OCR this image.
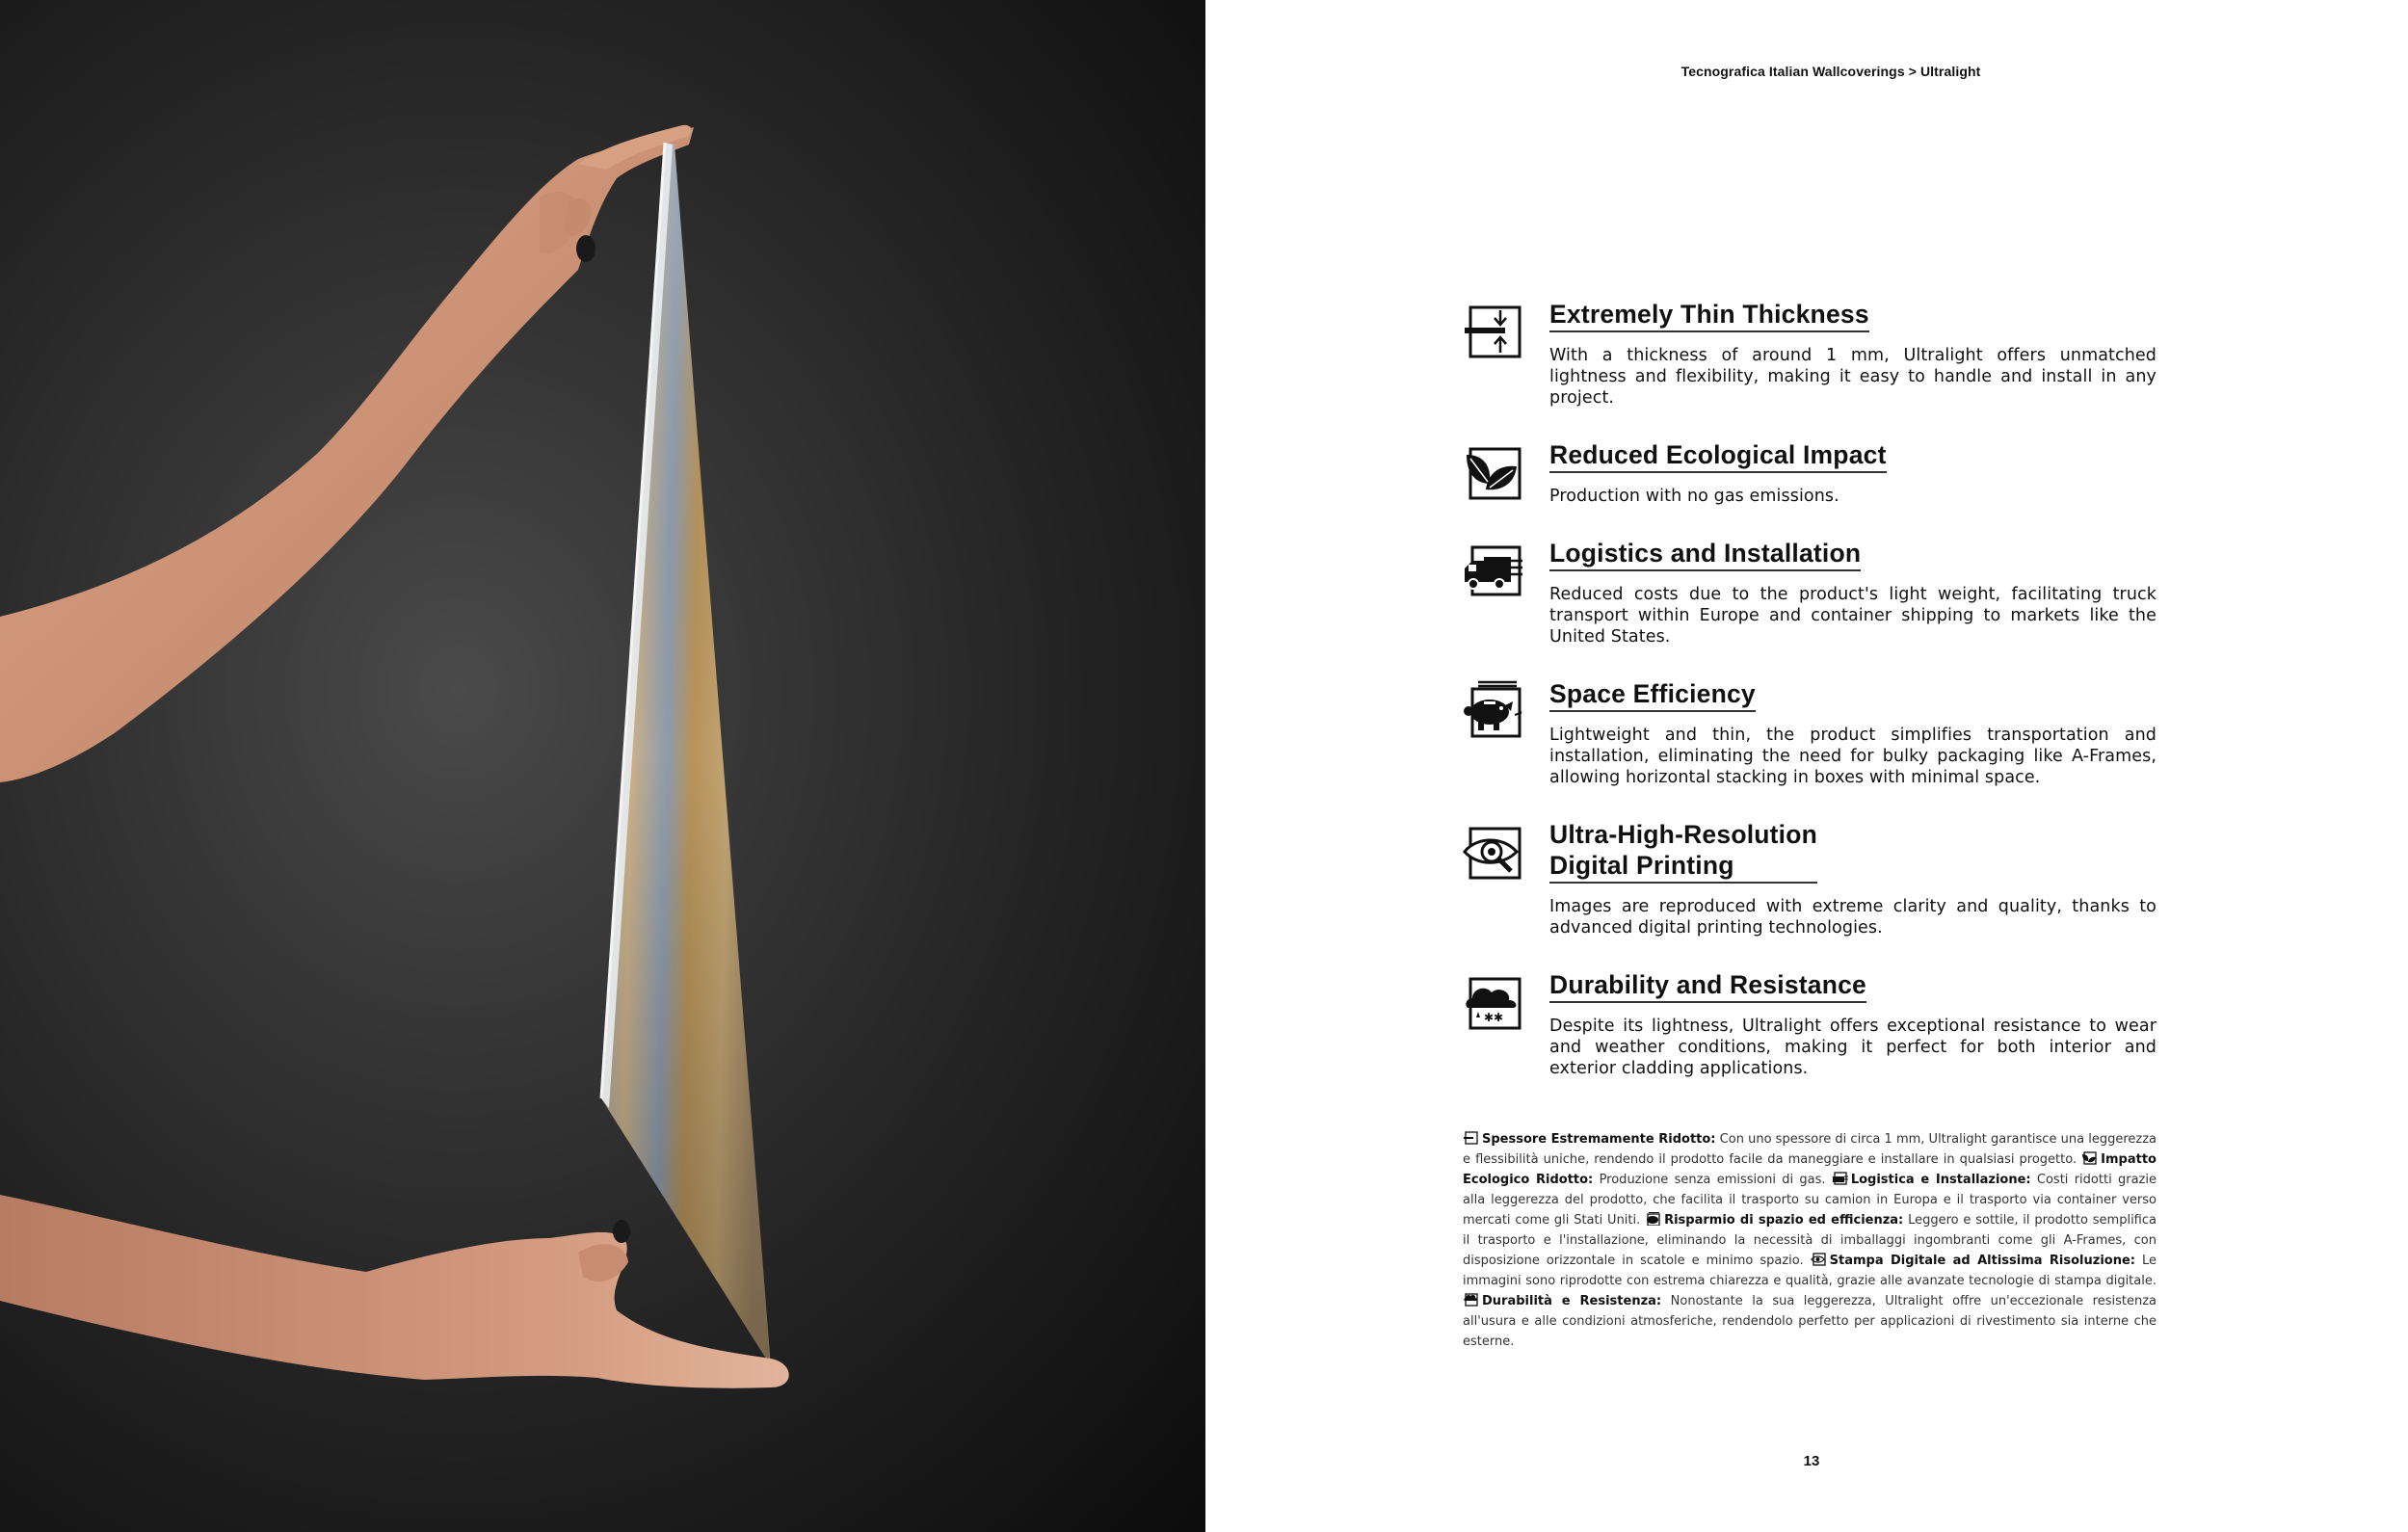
Tecnografica Italian Wallcoverings > Ultralight
Extremely Thin Thickness

With a thickness of around 1 mm, Ultralight offers unmatched lightness and flexibility, making it easy to handle and install in any project.

Reduced Ecological Impact

Production with no gas emissions.

Logistics and Installation

Reduced costs due to the product's light weight, facilitating truck transport within Europe and container shipping to markets like the United States.

Space Efficiency

Lightweight and thin, the product simplifies transportation and installation, eliminating the need for bulky packaging like A-Frames, allowing horizontal stacking in boxes with minimal space.

Ultra-High-Resolution
Digital Printing

Images are reproduced with extreme clarity and quality, thanks to advanced digital printing technologies.

✱✱
Durability and Resistance

Despite its lightness, Ultralight offers exceptional resistance to wear and weather conditions, making it perfect for both interior and exterior cladding applications.

Spessore Estremamente Ridotto: Con uno spessore di circa 1 mm, Ultralight garantisce una leggerezza e flessibilità uniche, rendendo il prodotto facile da maneggiare e installare in qualsiasi progetto. Impatto Ecologico Ridotto: Produzione senza emissioni di gas. Logistica e Installazione: Costi ridotti grazie alla leggerezza del prodotto, che facilita il trasporto su camion in Europa e il trasporto via container verso mercati come gli Stati Uniti. Risparmio di spazio ed efficienza: Leggero e sottile, il prodotto semplifica il trasporto e l'installazione, eliminando la necessità di imballaggi ingombranti come gli A-Frames, con disposizione orizzontale in scatole e minimo spazio. Stampa Digitale ad Altissima Risoluzione: Le immagini sono riprodotte con estrema chiarezza e qualità, grazie alle avanzate tecnologie di stampa digitale. Durabilità e Resistenza: Nonostante la sua leggerezza, Ultralight offre un'eccezionale resistenza all'usura e alle condizioni atmosferiche, rendendolo perfetto per applicazioni di rivestimento sia interne che esterne.
13
